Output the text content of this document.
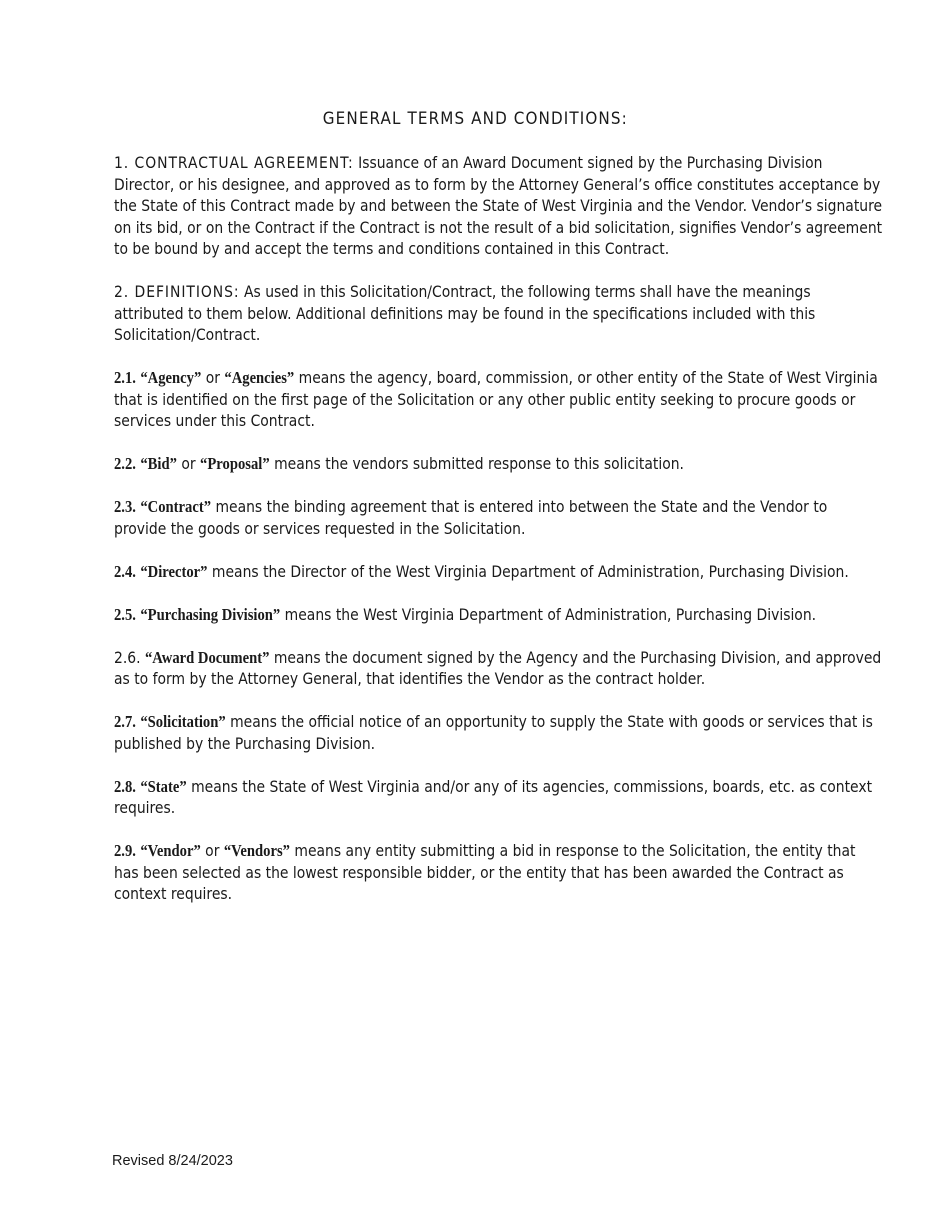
GENERAL TERMS AND CONDITIONS:

1. CONTRACTUAL AGREEMENT: Issuance of an Award Document signed by the Purchasing Division Director, or his designee, and approved as to form by the Attorney General’s office constitutes acceptance by the State of this Contract made by and between the State of West Virginia and the Vendor. Vendor’s signature on its bid, or on the Contract if the Contract is not the result of a bid solicitation, signifies Vendor’s agreement to be bound by and accept the terms and conditions contained in this Contract.

2. DEFINITIONS: As used in this Solicitation/Contract, the following terms shall have the meanings attributed to them below. Additional definitions may be found in the specifications included with this Solicitation/Contract.

2.1. “Agency” or “Agencies” means the agency, board, commission, or other entity of the State of West Virginia that is identified on the first page of the Solicitation or any other public entity seeking to procure goods or services under this Contract.

2.2. “Bid” or “Proposal” means the vendors submitted response to this solicitation.

2.3. “Contract” means the binding agreement that is entered into between the State and the Vendor to provide the goods or services requested in the Solicitation.

2.4. “Director” means the Director of the West Virginia Department of Administration, Purchasing Division.

2.5. “Purchasing Division” means the West Virginia Department of Administration, Purchasing Division.

2.6. “Award Document” means the document signed by the Agency and the Purchasing Division, and approved as to form by the Attorney General, that identifies the Vendor as the contract holder.

2.7. “Solicitation” means the official notice of an opportunity to supply the State with goods or services that is published by the Purchasing Division.

2.8. “State” means the State of West Virginia and/or any of its agencies, commissions, boards, etc. as context requires.

2.9. “Vendor” or “Vendors” means any entity submitting a bid in response to the Solicitation, the entity that has been selected as the lowest responsible bidder, or the entity that has been awarded the Contract as context requires.

Revised 8/24/2023
